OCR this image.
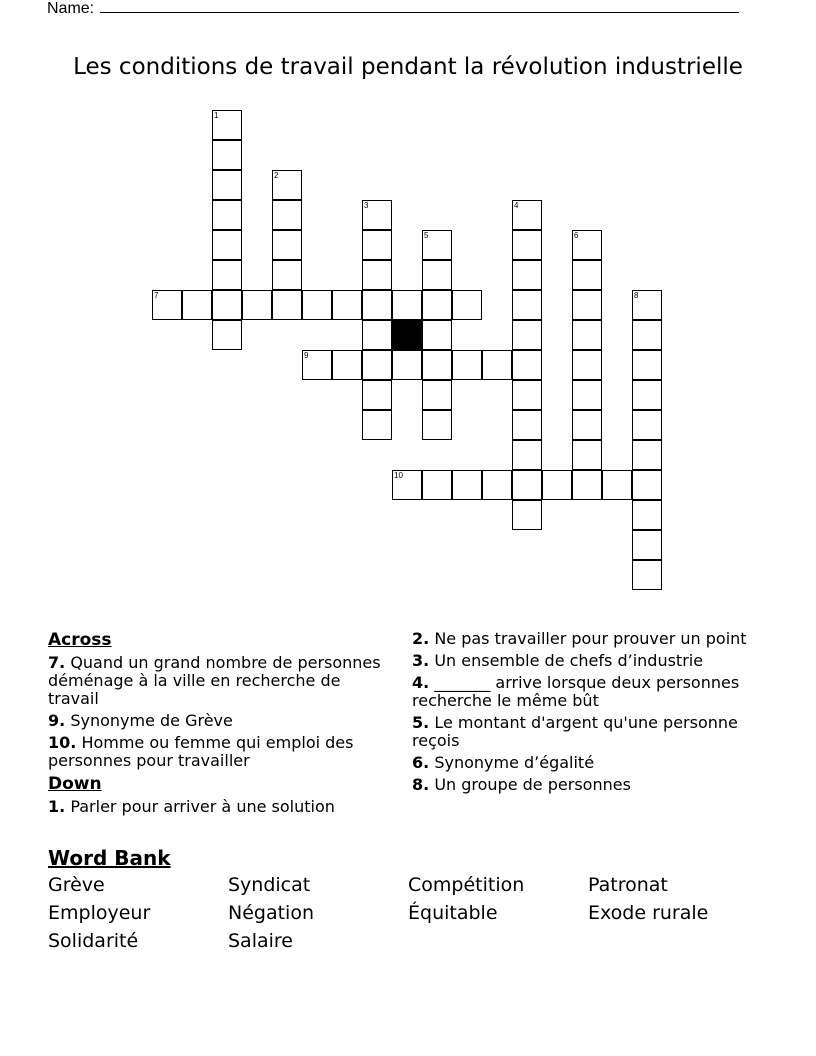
Name:
Les conditions de travail pendant la révolution industrielle
1
2
3	4
5	6
7	8
9
10
Across
7. Quand un grand nombre de personnes déménage à la ville en recherche de travail
9. Synonyme de Grève
10. Homme ou femme qui emploi des personnes pour travailler
Down
1. Parler pour arriver à une solution
2. Ne pas travailler pour prouver un point
3. Un ensemble de chefs d’industrie
4. _______ arrive lorsque deux personnes recherche le même bût
5. Le montant d'argent qu'une personne reçois
6. Synonyme d’égalité
8. Un groupe de personnes
Word Bank
Grève	Syndicat	Compétition	Patronat
Employeur	Négation	Équitable	Exode rurale
Solidarité	Salaire
